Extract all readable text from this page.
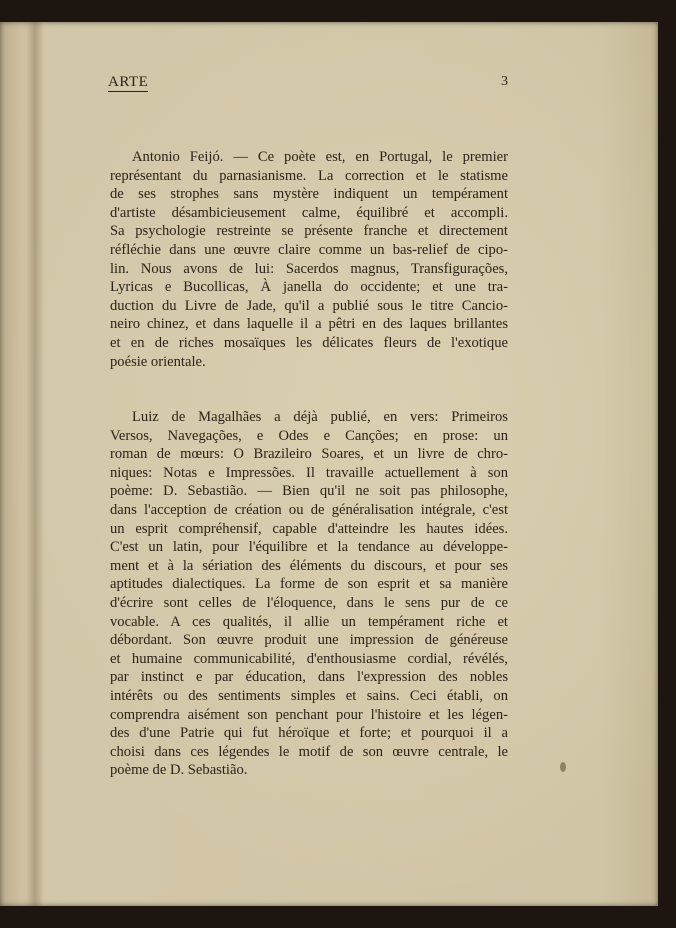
ARTE	3
Antonio Feijó. — Ce poète est, en Portugal, le premier
représentant du parnasianisme. La correction et le statisme
de ses strophes sans mystère indiquent un tempérament
d'artiste désambicieusement calme, équilibré et accompli.
Sa psychologie restreinte se présente franche et directement
réfléchie dans une œuvre claire comme un bas-relief de cipo-
lin. Nous avons de lui: Sacerdos magnus, Transfigurações,
Lyricas e Bucollicas, À janella do occidente; et une tra-
duction du Livre de Jade, qu'il a publié sous le titre Cancio-
neiro chinez, et dans laquelle il a pêtri en des laques brillantes
et en de riches mosaïques les délicates fleurs de l'exotique
poésie orientale.
Luiz de Magalhães a déjà publié, en vers: Primeiros
Versos, Navegações, e Odes e Canções; en prose: un
roman de mœurs: O Brazileiro Soares, et un livre de chro-
niques: Notas e Impressões. Il travaille actuellement à son
poème: D. Sebastião. — Bien qu'il ne soit pas philosophe,
dans l'acception de création ou de généralisation intégrale, c'est
un esprit compréhensif, capable d'atteindre les hautes idées.
C'est un latin, pour l'équilibre et la tendance au développe-
ment et à la sériation des éléments du discours, et pour ses
aptitudes dialectiques. La forme de son esprit et sa manière
d'écrire sont celles de l'éloquence, dans le sens pur de ce
vocable. A ces qualités, il allie un tempérament riche et
débordant. Son œuvre produit une impression de généreuse
et humaine communicabilité, d'enthousiasme cordial, révélés,
par instinct e par éducation, dans l'expression des nobles
intérêts ou des sentiments simples et sains. Ceci établi, on
comprendra aisément son penchant pour l'histoire et les légen-
des d'une Patrie qui fut héroïque et forte; et pourquoi il a
choisi dans ces légendes le motif de son œuvre centrale, le
poème de D. Sebastião.
